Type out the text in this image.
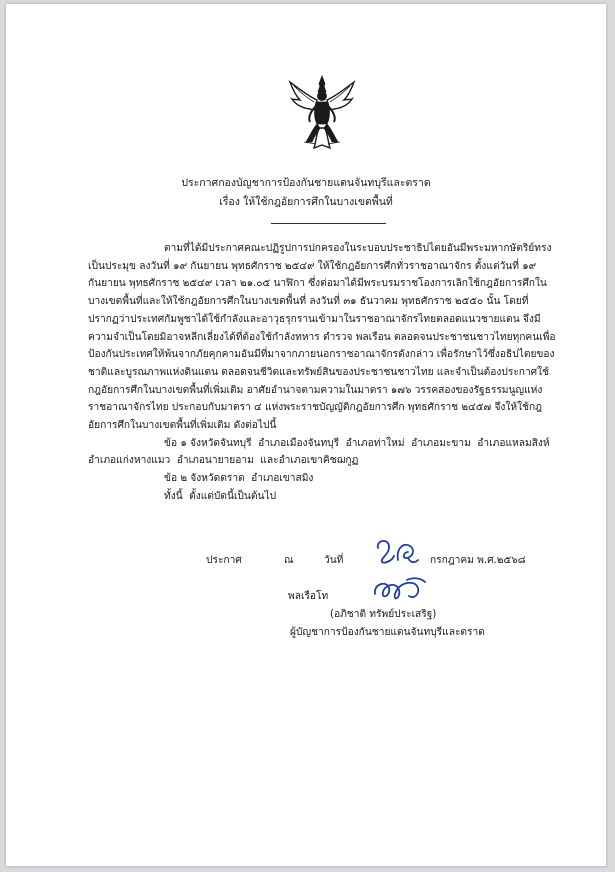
ประกาศกองบัญชาการป้องกันชายแดนจันทบุรีและตราด
เรื่อง ให้ใช้กฎอัยการศึกในบางเขตพื้นที่

ตามที่ได้มีประกาศคณะปฏิรูปการปกครองในระบอบประชาธิปไตยอันมีพระมหากษัตริย์ทรงเป็นประมุข ลงวันที่ ๑๙ กันยายน พุทธศักราช ๒๕๔๙ ให้ใช้กฎอัยการศึกทั่วราชอาณาจักร ตั้งแต่วันที่ ๑๙ กันยายน พุทธศักราช ๒๕๔๙ เวลา ๒๑.๐๕ นาฬิกา ซึ่งต่อมาได้มีพระบรมราชโองการเลิกใช้กฎอัยการศึกในบางเขตพื้นที่และให้ใช้กฎอัยการศึกในบางเขตพื้นที่ ลงวันที่ ๓๑ ธันวาคม พุทธศักราช ๒๕๕๐ นั้น โดยที่ปรากฏว่าประเทศกัมพูชาได้ใช้กำลังและอาวุธรุกรานเข้ามาในราชอาณาจักรไทยตลอดแนวชายแดน จึงมีความจำเป็นโดยมิอาจหลีกเลี่ยงได้ที่ต้องใช้กำลังทหาร ตำรวจ พลเรือน ตลอดจนประชาชนชาวไทยทุกคนเพื่อป้องกันประเทศให้พ้นจากภัยคุกคามอันมีที่มาจากภายนอกราชอาณาจักรดังกล่าว เพื่อรักษาไว้ซึ่งอธิปไตยของชาติและบูรณภาพแห่งดินแดน ตลอดจนชีวิตและทรัพย์สินของประชาชนชาวไทย และจำเป็นต้องประกาศใช้กฎอัยการศึกในบางเขตพื้นที่เพิ่มเติม อาศัยอำนาจตามความในมาตรา ๑๗๖ วรรคสองของรัฐธรรมนูญแห่งราชอาณาจักรไทย ประกอบกับมาตรา ๔ แห่งพระราชบัญญัติกฎอัยการศึก พุทธศักราช ๒๔๕๗ จึงให้ใช้กฎอัยการศึกในบางเขตพื้นที่เพิ่มเติม ดังต่อไปนี้

ข้อ ๑ จังหวัดจันทบุรี  อำเภอเมืองจันทบุรี  อำเภอท่าใหม่  อำเภอมะขาม  อำเภอแหลมสิงห์ อำเภอแก่งหางแมว  อำเภอนายายอาม  และอำเภอเขาคิชฌกูฏ

ข้อ ๒ จังหวัดตราด  อำเภอเขาสมิง

ทั้งนี้  ตั้งแต่บัดนี้เป็นต้นไป

ประกาศ	ณ	วันที่	กรกฎาคม พ.ศ.๒๕๖๘
พลเรือโท
(อภิชาติ ทรัพย์ประเสริฐ)
ผู้บัญชาการป้องกันชายแดนจันทบุรีและตราด
